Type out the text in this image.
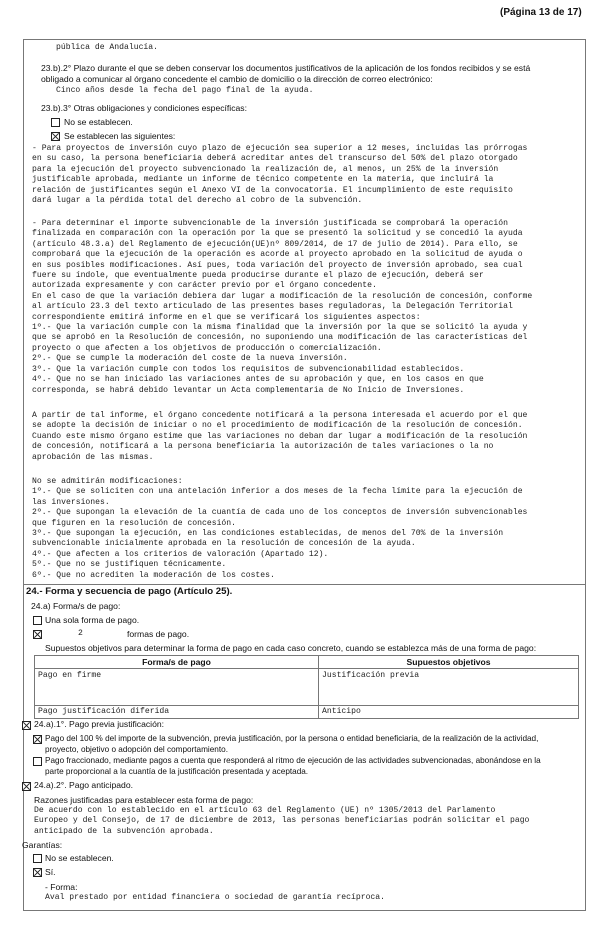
(Página 13 de 17)
pública de Andalucía.
23.b).2° Plazo durante el que se deben conservar los documentos justificativos de la aplicación de los fondos recibidos y se está
obligado a comunicar al órgano concedente el cambio de domicilio o la dirección de correo electrónico:
Cinco años desde la fecha del pago final de la ayuda.
23.b).3° Otras obligaciones y condiciones específicas:
No se establecen.
Se establecen las siguientes:
- Para proyectos de inversión cuyo plazo de ejecución sea superior a 12 meses, incluidas las prórrogas
en su caso, la persona beneficiaria deberá acreditar antes del transcurso del 50% del plazo otorgado
para la ejecución del proyecto subvencionado la realización de, al menos, un 25% de la inversión
justificable aprobada, mediante un informe de técnico competente en la materia, que incluirá la
relación de justificantes según el Anexo VI de la convocatoria. El incumplimiento de este requisito
dará lugar a la pérdida total del derecho al cobro de la subvención.
- Para determinar el importe subvencionable de la inversión justificada se comprobará la operación
finalizada en comparación con la operación por la que se presentó la solicitud y se concedió la ayuda
(artículo 48.3.a) del Reglamento de ejecución(UE)nº 809/2014, de 17 de julio de 2014). Para ello, se
comprobará que la ejecución de la operación es acorde al proyecto aprobado en la solicitud de ayuda o
en sus posibles modificaciones. Así pues, toda variación del proyecto de inversión aprobado, sea cual
fuere su índole, que eventualmente pueda producirse durante el plazo de ejecución, deberá ser
autorizada expresamente y con carácter previo por el órgano concedente.
En el caso de que la variación debiera dar lugar a modificación de la resolución de concesión, conforme
al artículo 23.3 del texto articulado de las presentes bases reguladoras, la Delegación Territorial
correspondiente emitirá informe en el que se verificará los siguientes aspectos:
1º.- Que la variación cumple con la misma finalidad que la inversión por la que se solicitó la ayuda y
que se aprobó en la Resolución de concesión, no suponiendo una modificación de las características del
proyecto o que afecten a los objetivos de producción o comercialización.
2º.- Que se cumple la moderación del coste de la nueva inversión.
3º.- Que la variación cumple con todos los requisitos de subvencionabilidad establecidos.
4º.- Que no se han iniciado las variaciones antes de su aprobación y que, en los casos en que
corresponda, se habrá debido levantar un Acta complementaria de No Inicio de Inversiones.
A partir de tal informe, el órgano concedente notificará a la persona interesada el acuerdo por el que
se adopte la decisión de iniciar o no el procedimiento de modificación de la resolución de concesión.
Cuando este mismo órgano estime que las variaciones no deban dar lugar a modificación de la resolución
de concesión, notificará a la persona beneficiaria la autorización de tales variaciones o la no
aprobación de las mismas.
No se admitirán modificaciones:
1º.- Que se soliciten con una antelación inferior a dos meses de la fecha límite para la ejecución de
las inversiones.
2º.- Que supongan la elevación de la cuantía de cada uno de los conceptos de inversión subvencionables
que figuren en la resolución de concesión.
3º.- Que supongan la ejecución, en las condiciones establecidas, de menos del 70% de la inversión
subvencionable inicialmente aprobada en la resolución de concesión de la ayuda.
4º.- Que afecten a los criterios de valoración (Apartado 12).
5º.- Que no se justifiquen técnicamente.
6º.- Que no acrediten la moderación de los costes.
24.- Forma y secuencia de pago (Artículo 25).
24.a) Forma/s de pago:
Una sola forma de pago.
2	formas de pago.
Supuestos objetivos para determinar la forma de pago en cada caso concreto, cuando se establezca más de una forma de pago:
Forma/s de pago	Supuestos objetivos
Pago en firme	Justificación previa
Pago justificación diferida	Anticipo
24.a).1°. Pago previa justificación:
Pago del 100 % del importe de la subvención, previa justificación, por la persona o entidad beneficiaria, de la realización de la actividad,
proyecto, objetivo o adopción del comportamiento.
Pago fraccionado, mediante pagos a cuenta que responderá al ritmo de ejecución de las actividades subvencionadas, abonándose en la
parte proporcional a la cuantía de la justificación presentada y aceptada.
24.a).2°. Pago anticipado.
Razones justificadas para establecer esta forma de pago:
De acuerdo con lo establecido en el artículo 63 del Reglamento (UE) nº 1305/2013 del Parlamento
Europeo y del Consejo, de 17 de diciembre de 2013, las personas beneficiarias podrán solicitar el pago
anticipado de la subvención aprobada.
Garantías:
No se establecen.
Sí.
- Forma:
Aval prestado por entidad financiera o sociedad de garantía recíproca.
